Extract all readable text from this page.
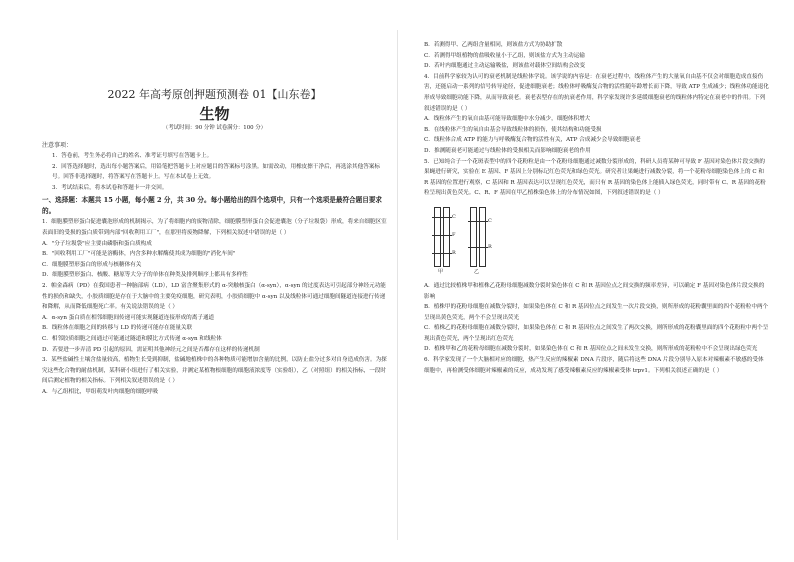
2022 年高考原创押题预测卷 01【山东卷】
生物
（考试时间：90 分钟 试卷满分：100 分）
注意事项：

1．答卷前，考生务必将自己的姓名、准考证号填写在答题卡上。

2．回答选择题时，选出每小题答案后，用铅笔把答题卡上对应题目的答案标号涂黑。如需改动，用橡皮擦干净后，再选涂其他答案标号。回答非选择题时，将答案写在答题卡上。写在本试卷上无效。

3．考试结束后，将本试卷和答题卡一并交回。

一、选择题：本题共 15 小题，每小题 2 分，共 30 分。每小题给出的四个选项中，只有一个选项是最符合题目要求的。

1．细胞膜塑形蛋白促进囊泡形成的机制揭示，为了将细胞内的废物清除，细胞膜塑形蛋白会促进囊泡（分子垃圾袋）形成，将来自细胞区室表面旧的受损的蛋白质带到内部"回收利用工厂"，在那里将废物降解，下列相关叙述中错误的是（ ）

A．"分子垃圾袋"应主要由磷脂和蛋白质构成

B．"回收利用工厂"可能是溶酶体，内含多种水解酶使其成为细胞的"消化车间"

C．细胞膜塑形蛋白的形成与核糖体有关

D．细胞膜塑形蛋白、核酸、糖原等大分子的单体在种类及排列顺序上都具有多样性

2．帕金森病（PD）在我国患者一种脑部病（LD），LD 富含聚集形式的 α-突触核蛋白（α-syn），α-syn 的过度表达可引起部分神经元功能性的损伤和缺失，小胶质细胞是存在于大脑中的主要免疫细胞，研究表明，小胶质细胞中 α-syn 以及线粒体可通过细胞间隧道连接进行传递和降解，从而降低细胞死亡率。有关说法错误的是（ ）

A．α-syn 蛋白质在相邻细胞间传递可能实现隧道连接形成的离子通道

B．线粒体在细胞之间的转移与 LD 的传递可能存在能量关联

C．相邻胶质细胞之间通过可能通过隧道和膜比方式传递 α-syn 和线粒体

D．若要进一步弄清 PD 引起的原因，需证明其他神经元之间是否都存在这样的传递机制

3．某些盐碱性土壤含盐量较高，植物生长受到抑制，盐碱地植株中的各种物质可能增加含量的比例，以防止盐分过多对自身造成伤害。为探究这些化合物的耐盐机制，某科研小组进行了相关实验，并测定某植物根细胞的细胞液浓度等（实验组），乙（对照组）的相关指标，一段时间后测定植物的相关指标。下列相关叙述错误的是（ ）

A．与乙组相比，甲组萌发叶肉细胞的细胞呼吸

B．若测得甲、乙两组含量相同，则该盐方式为协助扩散

C．若测得甲组植物的盐吸收量小于乙组，则该盐方式为主动运输

D．若叶内细胞通过主动运输吸盐，则该盐对载体空间结构会改变

4．目前科学家较为认可的衰老机制是线粒体学说。该学说的内容是：在衰老过程中，线粒体产生的大量氧自由基不仅会对细胞造成直接伤害，还能启动一系列的信号转导途径，促进细胞衰老；线粒体呼吸酶复合物的活性随年龄增长而下降，导致 ATP 生成减少；线粒体功能退化形成导致细胞功能下降，从而导致衰老。衰老表型存在的抗衰老作用，科学家发现许多延缓细胞衰老的线粒体内特定在衰老中的作用。下列叙述错误的是（ ）

A．线粒体产生的氧自由基可能导致细胞中水分减少，细胞体积增大

B．在线粒体产生的氧自由基会导致线粒体的损伤，使其结构和功能受损

C．线粒体合成 ATP 的能力与呼吸酶复合物的活性有关，ATP 合成减少会导致细胞衰老

D．推测随衰老可能通过与线粒体的受损相关而影响细胞衰老的作用

5．已知纯合子一个花斑表型中的四个花粉粒是由一个花粉母细胞通过减数分裂形成的，科研人员将某种可导致 F 基因对染色体片段交换的果蝇进行研究，实验在 E 基因、F 基因上分别标记红色荧光和绿色荧光。研究者让果蝇进行减数分裂，将一个花粉母细胞染色体上的 C 和 R 基因的位置进行观察，C 基因和 R 基因表达可以呈现红色荧光，而只有 R 基因的染色体上能插入绿色荧光，同时带有 C、R 基因的花粉粒呈现出黄色荧光。C、R、F 基因在甲乙植株染色体上的分布情况如图，下列叙述错误的是（ ）

C
F
R
甲
C
R
乙

A．通过比较植株甲和植株乙花粉母细胞减数分裂时染色体在 C 和 R 基因位点之间交换的频率差异，可以确定 F 基因对染色体片段交换的影响

B．植株甲的花粉母细胞在减数分裂时，如果染色体在 C 和 R 基因位点之间发生一次片段交换，则所形成的花粉囊里面的四个花粉粒中两个呈现出黄色荧光，两个不会呈现出荧光

C．植株乙的花粉母细胞在减数分裂时，如果染色体在 C 和 R 基因位点之间发生了两次交换，则所形成的花粉囊里面的四个花粉粒中两个呈现出黄色荧光，两个呈现出红色荧光

D．植株甲和乙的花粉母细胞在减数分裂时，如果染色体在 C 和 R 基因位点之间未发生交换，则所形成的花粉粒中不会呈现出绿色荧光

6．科学家发现了一个大脑相对应的细胞，热产生反应的辣椒素 DNA 片段序，随后将这些 DNA 片段分别导入原本对辣椒素不敏感的受体细胞中，再检测受体细胞对辣椒素的反应，成功发现了感受辣椒素反应的辣椒素受体 trpv1。下列相关叙述正确的是（ ）
